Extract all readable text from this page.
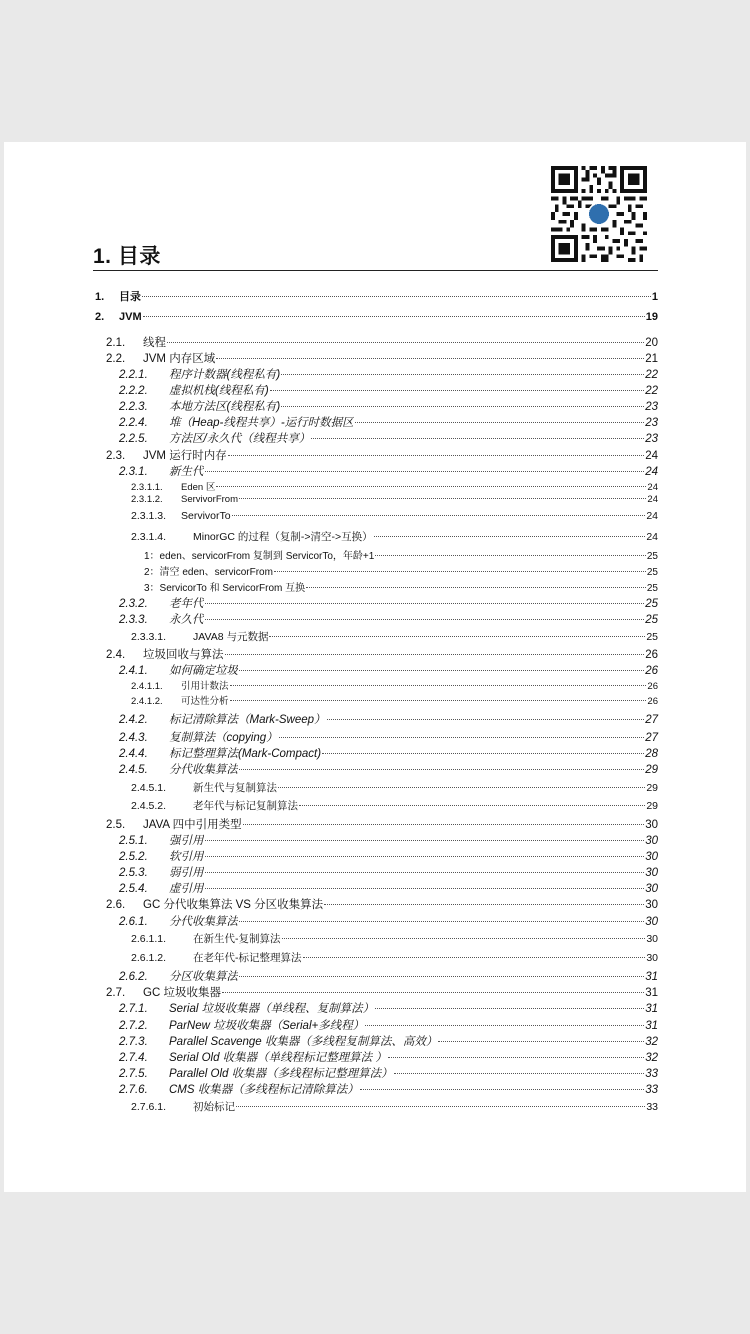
1. 目录
1.	目录	1
2.	JVM	19
2.1.	线程	20
2.2.	JVM 内存区域	21
2.2.1.	程序计数器(线程私有)	22
2.2.2.	虚拟机栈(线程私有)	22
2.2.3.	本地方法区(线程私有)	23
2.2.4.	堆（Heap-线程共享）-运行时数据区	23
2.2.5.	方法区/永久代（线程共享）	23
2.3.	JVM 运行时内存	24
2.3.1.	新生代	24
2.3.1.1.	Eden 区	24
2.3.1.2.	ServivorFrom	24
2.3.1.3.	ServivorTo	24
2.3.1.4.	MinorGC 的过程（复制->清空->互换）	24
1：eden、servicorFrom 复制到 ServicorTo，年龄+1	25
2：清空 eden、servicorFrom	25
3：ServicorTo 和 ServicorFrom 互换	25
2.3.2.	老年代	25
2.3.3.	永久代	25
2.3.3.1.	JAVA8 与元数据	25
2.4.	垃圾回收与算法	26
2.4.1.	如何确定垃圾	26
2.4.1.1.	引用计数法	26
2.4.1.2.	可达性分析	26
2.4.2.	标记清除算法（Mark-Sweep）	27
2.4.3.	复制算法（copying）	27
2.4.4.	标记整理算法(Mark-Compact)	28
2.4.5.	分代收集算法	29
2.4.5.1.	新生代与复制算法	29
2.4.5.2.	老年代与标记复制算法	29
2.5.	JAVA 四中引用类型	30
2.5.1.	强引用	30
2.5.2.	软引用	30
2.5.3.	弱引用	30
2.5.4.	虚引用	30
2.6.	GC 分代收集算法 VS 分区收集算法	30
2.6.1.	分代收集算法	30
2.6.1.1.	在新生代-复制算法	30
2.6.1.2.	在老年代-标记整理算法	30
2.6.2.	分区收集算法	31
2.7.	GC 垃圾收集器	31
2.7.1.	Serial 垃圾收集器（单线程、复制算法）	31
2.7.2.	ParNew 垃圾收集器（Serial+多线程）	31
2.7.3.	Parallel Scavenge 收集器（多线程复制算法、高效）	32
2.7.4.	Serial Old 收集器（单线程标记整理算法 ）	32
2.7.5.	Parallel Old 收集器（多线程标记整理算法）	33
2.7.6.	CMS 收集器（多线程标记清除算法）	33
2.7.6.1.	初始标记	33
